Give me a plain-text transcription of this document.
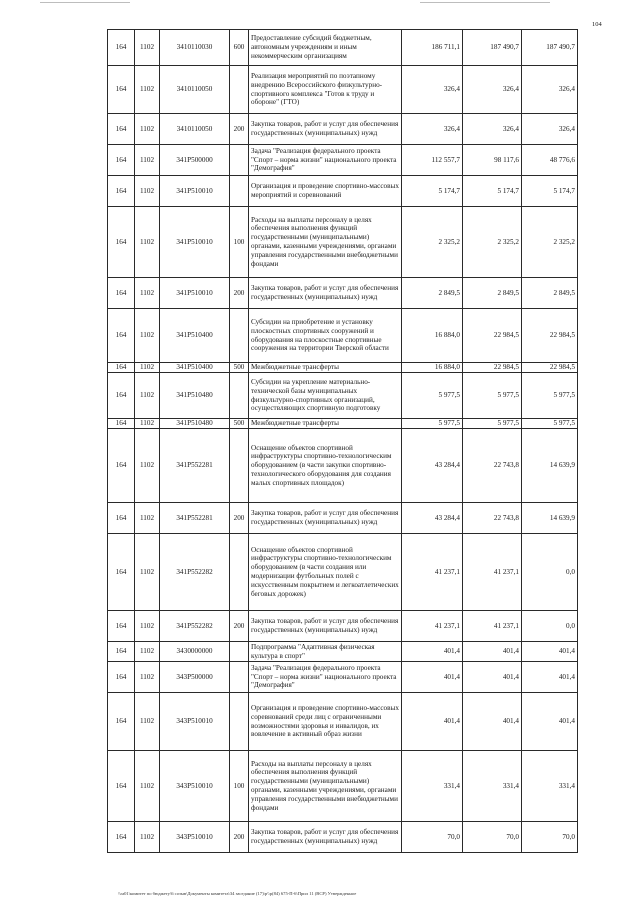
104
164	1102	3410110030	600	Предоставление субсидий бюджетным, автономным учреждениям и иным некоммерческим организациям	186 711,1	187 490,7	187 490,7
164	1102	3410110050		Реализация мероприятий по поэтапному внедрению Всероссийского физкультурно-спортивного комплекса "Готов к труду и обороне" (ГТО)	326,4	326,4	326,4
164	1102	3410110050	200	Закупка товаров, работ и услуг для обеспечения государственных (муниципальных) нужд	326,4	326,4	326,4
164	1102	341P500000		Задача "Реализация федерального проекта "Спорт – норма жизни" национального проекта "Демография"	112 557,7	98 117,6	48 776,6
164	1102	341P510010		Организация и проведение спортивно-массовых мероприятий и соревнований	5 174,7	5 174,7	5 174,7
164	1102	341P510010	100	Расходы на выплаты персоналу в целях обеспечения выполнения функций государственными (муниципальными) органами, казенными учреждениями, органами управления государственными внебюджетными фондами	2 325,2	2 325,2	2 325,2
164	1102	341P510010	200	Закупка товаров, работ и услуг для обеспечения государственных (муниципальных) нужд	2 849,5	2 849,5	2 849,5
164	1102	341P510400		Субсидии на приобретение и установку плоскостных спортивных сооружений и оборудования на плоскостные спортивные сооружения на территории Тверской области	16 884,0	22 984,5	22 984,5
164	1102	341P510400	500	Межбюджетные трансферты	16 884,0	22 984,5	22 984,5
164	1102	341P510480		Субсидии на укрепление материально-технической базы муниципальных физкультурно-спортивных организаций, осуществляющих спортивную подготовку	5 977,5	5 977,5	5 977,5
164	1102	341P510480	500	Межбюджетные трансферты	5 977,5	5 977,5	5 977,5
164	1102	341P552281		Оснащение объектов спортивной инфраструктуры спортивно-технологическим оборудованием (в части закупки спортивно-технологического оборудования для создания малых спортивных площадок)	43 284,4	22 743,8	14 639,9
164	1102	341P552281	200	Закупка товаров, работ и услуг для обеспечения государственных (муниципальных) нужд	43 284,4	22 743,8	14 639,9
164	1102	341P552282		Оснащение объектов спортивной инфраструктуры спортивно-технологическим оборудованием (в части создания или модернизации футбольных полей с искусственным покрытием и легкоатлетических беговых дорожек)	41 237,1	41 237,1	0,0
164	1102	341P552282	200	Закупка товаров, работ и услуг для обеспечения государственных (муниципальных) нужд	41 237,1	41 237,1	0,0
164	1102	3430000000		Подпрограмма "Адаптивная физическая культура в спорт"	401,4	401,4	401,4
164	1102	343P500000		Задача "Реализация федерального проекта "Спорт – норма жизни" национального проекта "Демография"	401,4	401,4	401,4
164	1102	343P510010		Организация и проведение спортивно-массовых соревнований среди лиц с ограниченными возможностями здоровья и инвалидов, их вовлечение в активный образ жизни	401,4	401,4	401,4
164	1102	343P510010	100	Расходы на выплаты персоналу в целях обеспечения выполнения функций государственными (муниципальными) органами, казенными учреждениями, органами управления государственными внебюджетными фондами	331,4	331,4	331,4
164	1102	343P510010	200	Закупка товаров, работ и услуг для обеспечения государственных (муниципальных) нужд	70,0	70,0	70,0
\\ra01\комитет по бюджету\6 созыв\Документы комитета\34 заседание (17)\р\\р(84) 675-П-6\Прил 11 (ВСР) Утвержденное
